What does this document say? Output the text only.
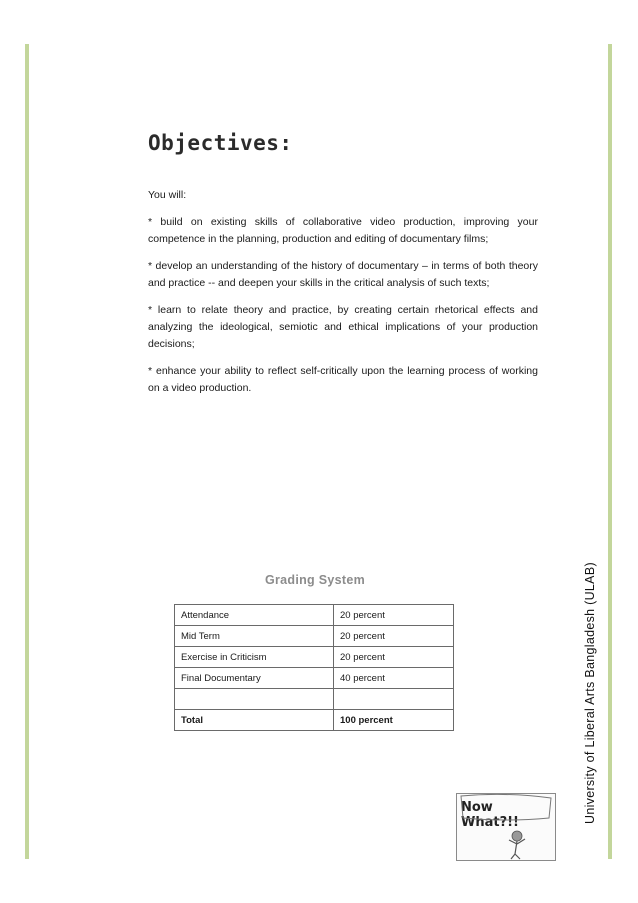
Objectives:

You will:

* build on existing skills of collaborative video production, improving your competence in the planning, production and editing of documentary films;

* develop an understanding of the history of documentary – in terms of both theory and practice -- and deepen your skills in the critical analysis of such texts;

* learn to relate theory and practice, by creating certain rhetorical effects and analyzing the ideological, semiotic and ethical implications of your production decisions;

* enhance your ability to reflect self-critically upon the learning process of working on a video production.

Grading System
Attendance	20 percent
Mid Term	20 percent
Exercise in Criticism	20 percent
Final Documentary	40 percent

Total	100 percent	University of Liberal Arts Bangladesh (ULAB)
Now What?!!
